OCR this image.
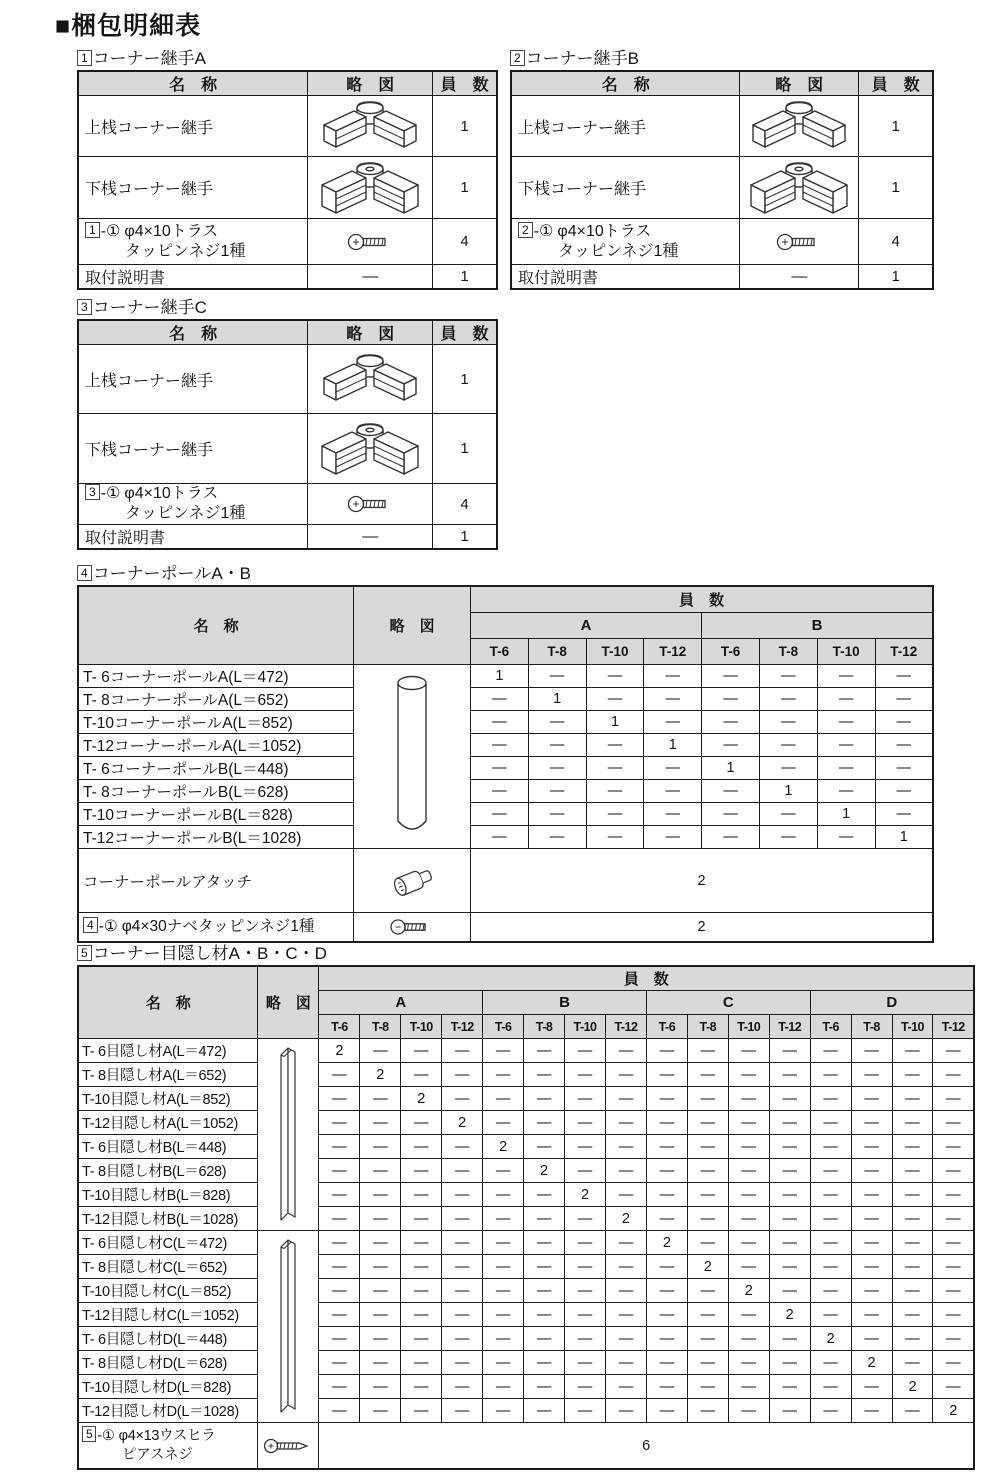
■梱包明細表
1 コーナー継手A
名　称	略　図	員　数
上桟コーナー継手		1
下桟コーナー継手		1

1 -① φ4×10トラス
タッピンネジ1種		4
取付説明書	―	1
2 コーナー継手B
名　称	略　図	員　数
上桟コーナー継手		1
下桟コーナー継手		1

2 -① φ4×10トラス
タッピンネジ1種		4
取付説明書	―	1
3 コーナー継手C
名　称	略　図	員　数
上桟コーナー継手		1
下桟コーナー継手		1

3 -① φ4×10トラス
タッピンネジ1種		4
取付説明書	―	1
4 コーナーポールA・B
名　称	略　図	員　数							
		A				B			
		T-6	T-8	T-10	T-12	T-6	T-8	T-10	T-12
T- 6コーナーポールA(L＝472)		1	―	―	―	―	―	―	―
T- 8コーナーポールA(L＝652)		―	1	―	―	―	―	―	―
T-10コーナーポールA(L＝852)		―	―	1	―	―	―	―	―
T-12コーナーポールA(L＝1052)		―	―	―	1	―	―	―	―
T- 6コーナーポールB(L＝448)		―	―	―	―	1	―	―	―
T- 8コーナーポールB(L＝628)		―	―	―	―	―	1	―	―
T-10コーナーポールB(L＝828)		―	―	―	―	―	―	1	―
T-12コーナーポールB(L＝1028)		―	―	―	―	―	―	―	1
コーナーポールアタッチ		2							
4 -① φ4×30ナベタッピンネジ1種		2							
5 コーナー目隠し材A・B・C・D
名　称	略　図	員　数															
		A				B				C				D			
		T-6	T-8	T-10	T-12	T-6	T-8	T-10	T-12	T-6	T-8	T-10	T-12	T-6	T-8	T-10	T-12
T- 6目隠し材A(L＝472)		2	―	―	―	―	―	―	―	―	―	―	―	―	―	―	―
T- 8目隠し材A(L＝652)		―	2	―	―	―	―	―	―	―	―	―	―	―	―	―	―
T-10目隠し材A(L＝852)		―	―	2	―	―	―	―	―	―	―	―	―	―	―	―	―
T-12目隠し材A(L＝1052)		―	―	―	2	―	―	―	―	―	―	―	―	―	―	―	―
T- 6目隠し材B(L＝448)		―	―	―	―	2	―	―	―	―	―	―	―	―	―	―	―
T- 8目隠し材B(L＝628)		―	―	―	―	―	2	―	―	―	―	―	―	―	―	―	―
T-10目隠し材B(L＝828)		―	―	―	―	―	―	2	―	―	―	―	―	―	―	―	―
T-12目隠し材B(L＝1028)		―	―	―	―	―	―	―	2	―	―	―	―	―	―	―	―
T- 6目隠し材C(L＝472)		―	―	―	―	―	―	―	―	2	―	―	―	―	―	―	―
T- 8目隠し材C(L＝652)		―	―	―	―	―	―	―	―	―	2	―	―	―	―	―	―
T-10目隠し材C(L＝852)		―	―	―	―	―	―	―	―	―	―	2	―	―	―	―	―
T-12目隠し材C(L＝1052)		―	―	―	―	―	―	―	―	―	―	―	2	―	―	―	―
T- 6目隠し材D(L＝448)		―	―	―	―	―	―	―	―	―	―	―	―	2	―	―	―
T- 8目隠し材D(L＝628)		―	―	―	―	―	―	―	―	―	―	―	―	―	2	―	―
T-10目隠し材D(L＝828)		―	―	―	―	―	―	―	―	―	―	―	―	―	―	2	―
T-12目隠し材D(L＝1028)		―	―	―	―	―	―	―	―	―	―	―	―	―	―	―	2

5 -① φ4×13ウスヒラ
ピアスネジ		6															
